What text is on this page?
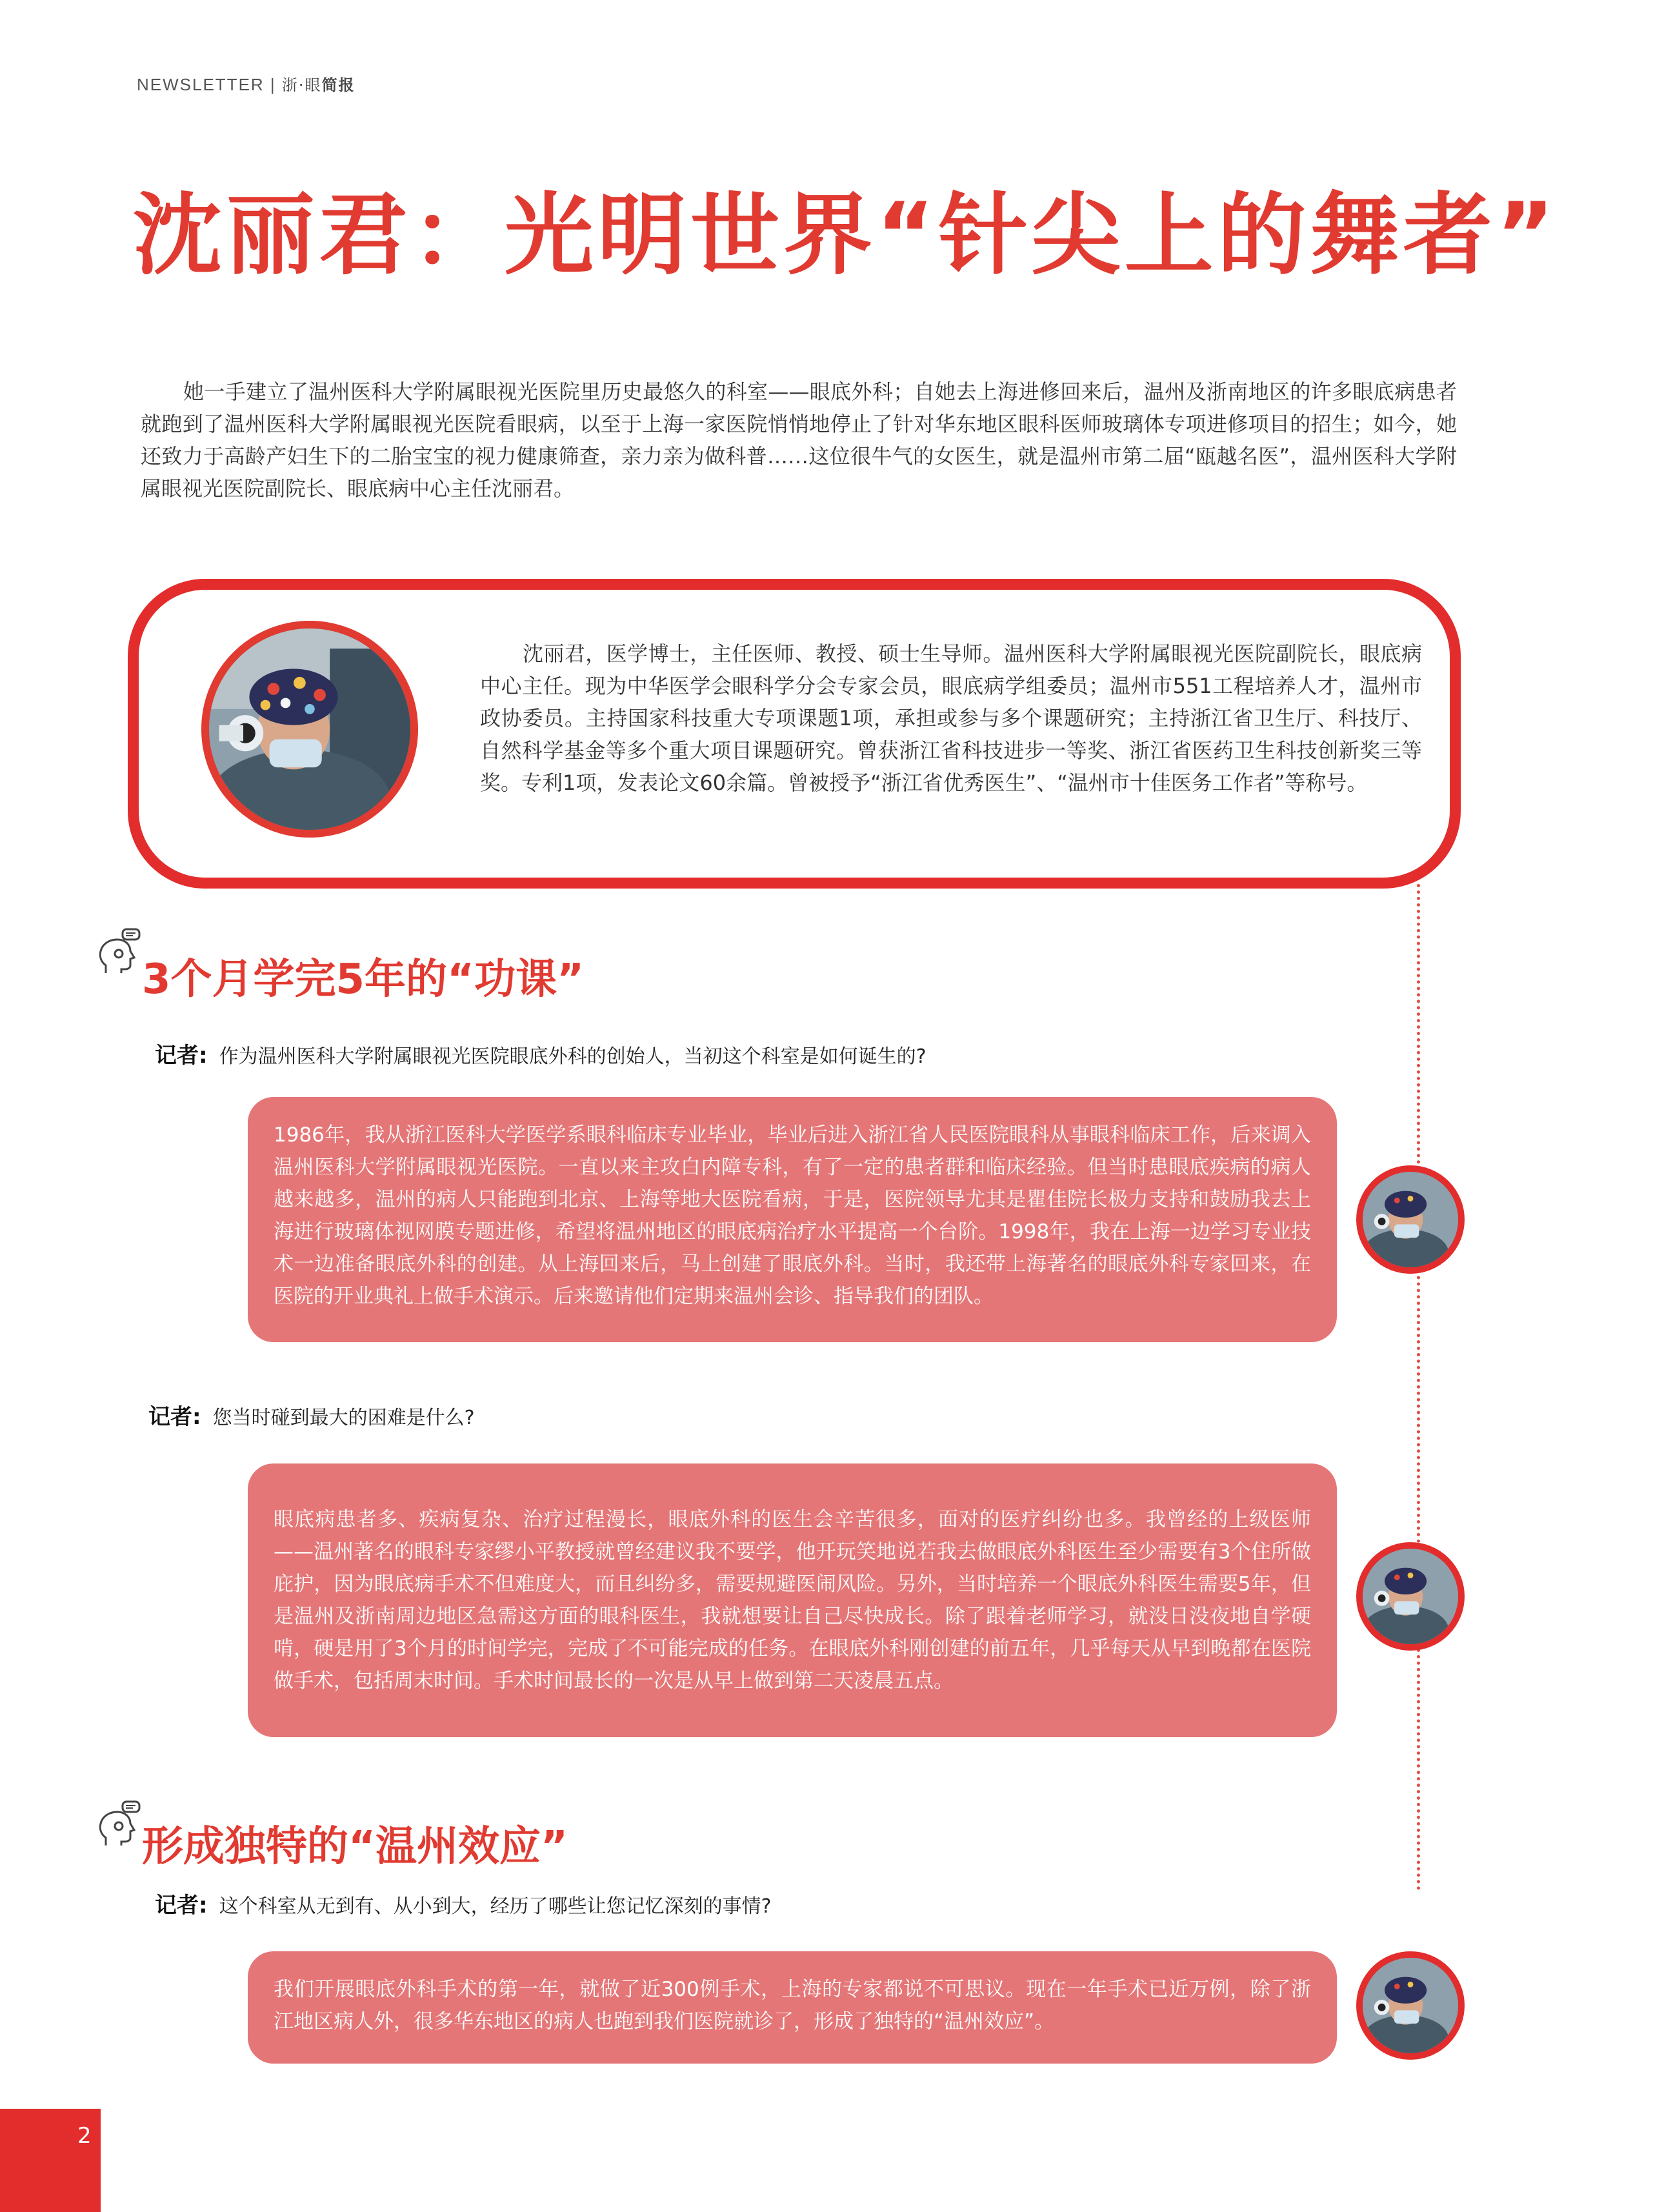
NEWSLETTER | 浙·眼简报
沈丽君：光明世界“针尖上的舞者”

她一手建立了温州医科大学附属眼视光医院里历史最悠久的科室——眼底外科；自她去上海进修回来后，温州及浙南地区的许多眼底病患者就跑到了温州医科大学附属眼视光医院看眼病，以至于上海一家医院悄悄地停止了针对华东地区眼科医师玻璃体专项进修项目的招生；如今，她还致力于高龄产妇生下的二胎宝宝的视力健康筛查，亲力亲为做科普……这位很牛气的女医生，就是温州市第二届“瓯越名医”，温州医科大学附属眼视光医院副院长、眼底病中心主任沈丽君。

沈丽君，医学博士，主任医师、教授、硕士生导师。温州医科大学附属眼视光医院副院长，眼底病中心主任。现为中华医学会眼科学分会专家会员，眼底病学组委员；温州市551工程培养人才，温州市政协委员。主持国家科技重大专项课题1项，承担或参与多个课题研究；主持浙江省卫生厅、科技厅、自然科学基金等多个重大项目课题研究。曾获浙江省科技进步一等奖、浙江省医药卫生科技创新奖三等奖。专利1项，发表论文60余篇。曾被授予“浙江省优秀医生”、“温州市十佳医务工作者”等称号。

3个月学完5年的“功课”
记者: 作为温州医科大学附属眼视光医院眼底外科的创始人，当初这个科室是如何诞生的?
1986年，我从浙江医科大学医学系眼科临床专业毕业，毕业后进入浙江省人民医院眼科从事眼科临床工作，后来调入温州医科大学附属眼视光医院。一直以来主攻白内障专科，有了一定的患者群和临床经验。但当时患眼底疾病的病人越来越多，温州的病人只能跑到北京、上海等地大医院看病，于是，医院领导尤其是瞿佳院长极力支持和鼓励我去上海进行玻璃体视网膜专题进修，希望将温州地区的眼底病治疗水平提高一个台阶。1998年，我在上海一边学习专业技术一边准备眼底外科的创建。从上海回来后，马上创建了眼底外科。当时，我还带上海著名的眼底外科专家回来，在医院的开业典礼上做手术演示。后来邀请他们定期来温州会诊、指导我们的团队。
记者: 您当时碰到最大的困难是什么?
眼底病患者多、疾病复杂、治疗过程漫长，眼底外科的医生会辛苦很多，面对的医疗纠纷也多。我曾经的上级医师——温州著名的眼科专家缪小平教授就曾经建议我不要学，他开玩笑地说若我去做眼底外科医生至少需要有3个住所做庇护，因为眼底病手术不但难度大，而且纠纷多，需要规避医闹风险。另外，当时培养一个眼底外科医生需要5年，但是温州及浙南周边地区急需这方面的眼科医生，我就想要让自己尽快成长。除了跟着老师学习，就没日没夜地自学硬啃，硬是用了3个月的时间学完，完成了不可能完成的任务。在眼底外科刚创建的前五年，几乎每天从早到晚都在医院做手术，包括周末时间。手术时间最长的一次是从早上做到第二天凌晨五点。
形成独特的“温州效应”
记者: 这个科室从无到有、从小到大，经历了哪些让您记忆深刻的事情?
我们开展眼底外科手术的第一年，就做了近300例手术，上海的专家都说不可思议。现在一年手术已近万例，除了浙江地区病人外，很多华东地区的病人也跑到我们医院就诊了，形成了独特的“温州效应”。
2
